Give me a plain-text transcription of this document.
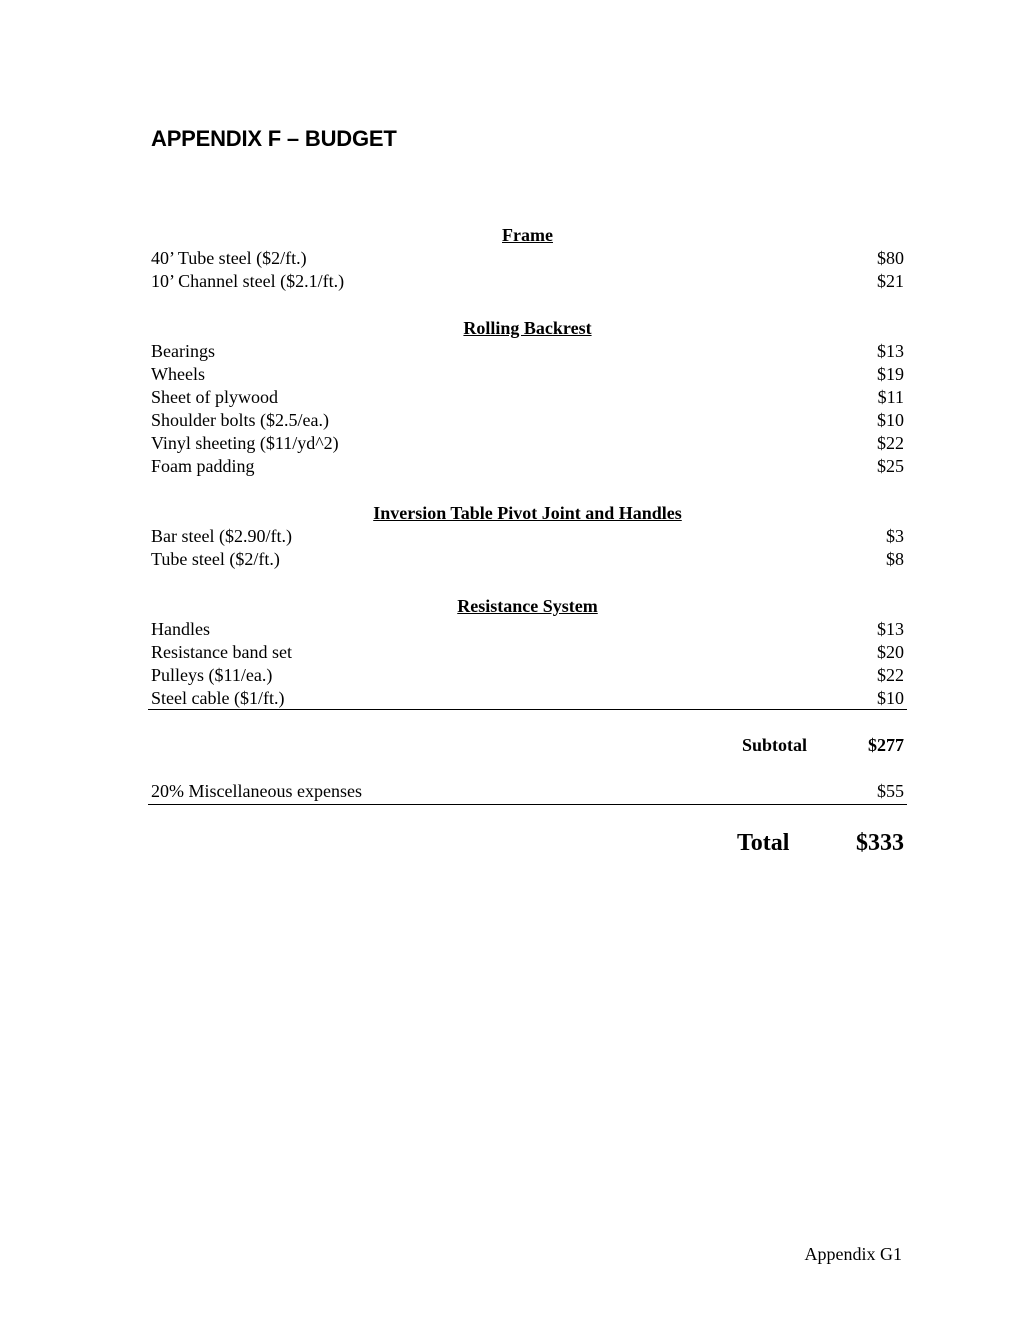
APPENDIX F – BUDGET
Frame
40’ Tube steel ($2/ft.)	$80
10’ Channel steel ($2.1/ft.)	$21
Rolling Backrest
Bearings	$13
Wheels	$19
Sheet of plywood	$11
Shoulder bolts ($2.5/ea.)	$10
Vinyl sheeting ($11/yd^2)	$22
Foam padding	$25
Inversion Table Pivot Joint and Handles
Bar steel ($2.90/ft.)	$3
Tube steel ($2/ft.)	$8
Resistance System
Handles	$13
Resistance band set	$20
Pulleys ($11/ea.)	$22
Steel cable ($1/ft.)	$10
Subtotal	$277
20% Miscellaneous expenses	$55
Total	$333
Appendix G1
